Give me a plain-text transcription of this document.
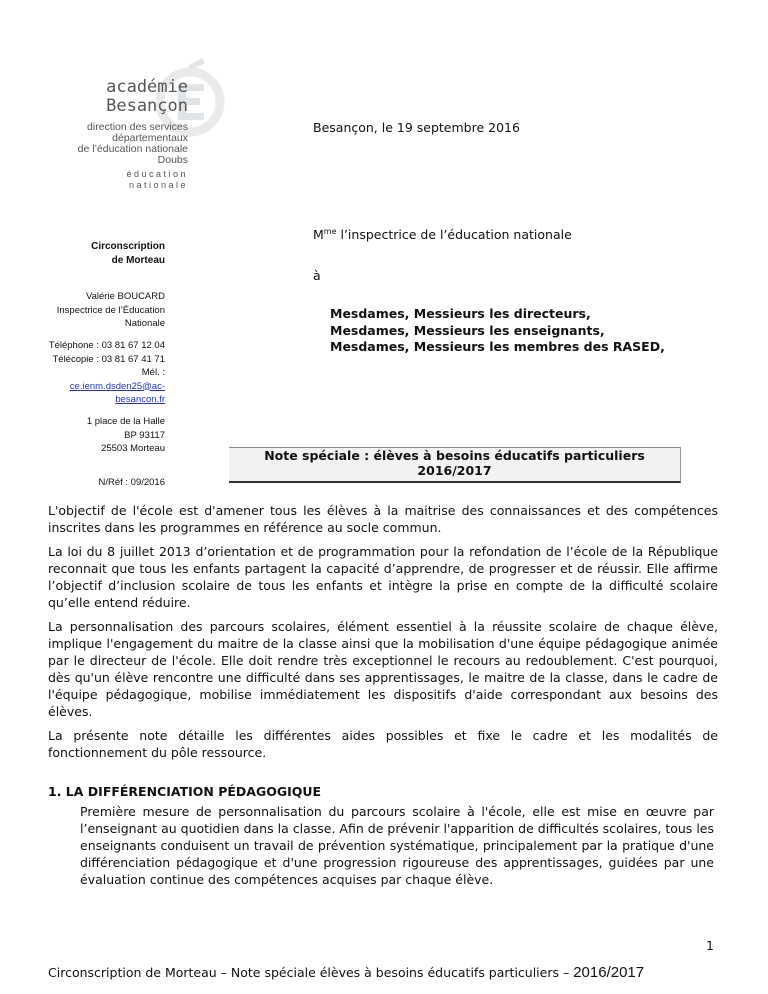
académie
Besançon
direction des services
départementaux
de l’éducation nationale
Doubs
éducation
nationale
Besançon, le 19 septembre 2016
$M^{me}$ l’inspectrice de l’éducation nationale
à
Mesdames, Messieurs les directeurs,
Mesdames, Messieurs les enseignants,
Mesdames, Messieurs les membres des RASED,
Circonscription
de Morteau
Valérie BOUCARD
Inspectrice de l’Éducation
Nationale
Téléphone : 03 81 67 12 04
Télécopie : 03 81 67 41 71
Mél. :
ce.ienm.dsden25@ac-
besancon.fr
1 place de la Halle
BP 93117
25503 Morteau
N/Réf : 09/2016
Note spéciale : élèves à besoins éducatifs particuliers
2016/2017

L'objectif de l'école est d'amener tous les élèves à la maitrise des connaissances et des compétences inscrites dans les programmes en référence au socle commun.

La loi du 8 juillet 2013 d’orientation et de programmation pour la refondation de l’école de la République reconnait que tous les enfants partagent la capacité d’apprendre, de progresser et de réussir. Elle affirme l’objectif d’inclusion scolaire de tous les enfants et intègre la prise en compte de la difficulté scolaire qu’elle entend réduire.

La personnalisation des parcours scolaires, élément essentiel à la réussite scolaire de chaque élève, implique l'engagement du maitre de la classe ainsi que la mobilisation d'une équipe pédagogique animée par le directeur de l'école. Elle doit rendre très exceptionnel le recours au redoublement. C'est pourquoi, dès qu'un élève rencontre une difficulté dans ses apprentissages, le maitre de la classe, dans le cadre de l'équipe pédagogique, mobilise immédiatement les dispositifs d'aide correspondant aux besoins des élèves.

La présente note détaille les différentes aides possibles et fixe le cadre et les modalités de fonctionnement du pôle ressource.

1. LA DIFFÉRENCIATION PÉDAGOGIQUE
Première mesure de personnalisation du parcours scolaire à l'école, elle est mise en œuvre par l’enseignant au quotidien dans la classe. Afin de prévenir l'apparition de difficultés scolaires, tous les enseignants conduisent un travail de prévention systématique, principalement par la pratique d'une différenciation pédagogique et d'une progression rigoureuse des apprentissages, guidées par une évaluation continue des compétences acquises par chaque élève.
1
Circonscription de Morteau – Note spéciale élèves à besoins éducatifs particuliers – 2016/2017
